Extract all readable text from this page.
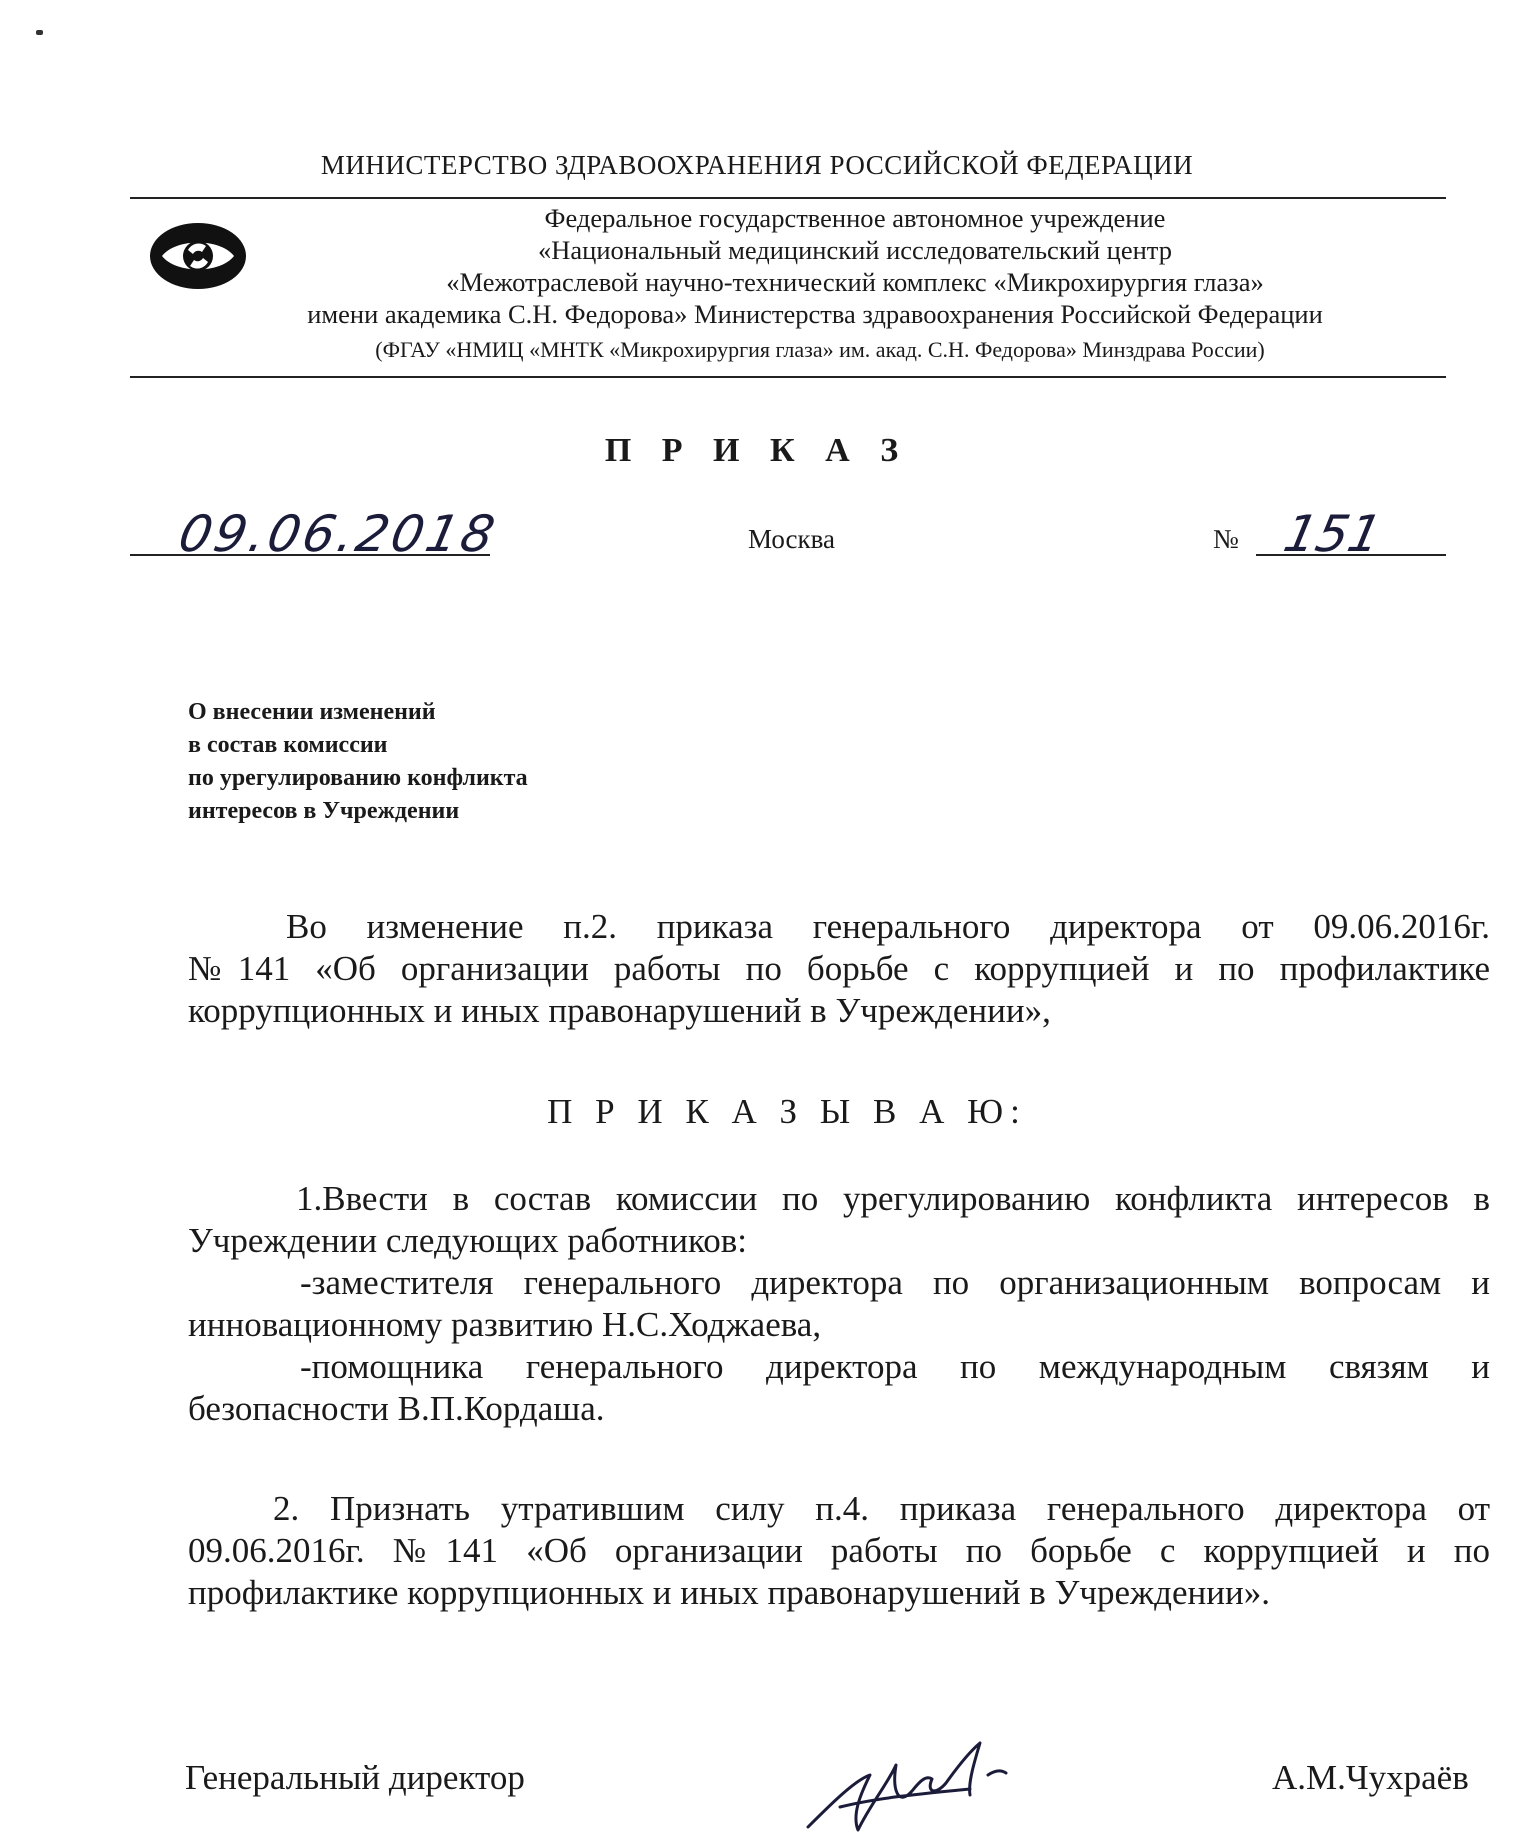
МИНИСТЕРСТВО ЗДРАВООХРАНЕНИЯ РОССИЙСКОЙ ФЕДЕРАЦИИ
Федеральное государственное автономное учреждение
«Национальный медицинский исследовательский центр
«Межотраслевой научно-технический комплекс «Микрохирургия глаза»
имени академика С.Н. Федорова» Министерства здравоохранения Российской Федерации
(ФГАУ «НМИЦ «МНТК «Микрохирургия глаза» им. акад. С.Н. Федорова» Минздрава России)
П Р И К А З
09.06.2018	Москва	№ 151
О внесении изменений
в состав комиссии
по урегулированию конфликта
интересов в Учреждении
Во изменение п.2. приказа генерального директора от 09.06.2016г.
№141 «Об организации работы по борьбе с коррупцией и по профилактике
коррупционных и иных правонарушений в Учреждении»,
П Р И К А З Ы В А Ю:
1.Ввести в состав комиссии по урегулированию конфликта интересов в
Учреждении следующих работников:
-заместителя генерального директора по организационным вопросам и
инновационному развитию Н.С.Ходжаева,
-помощника генерального директора по международным связям и
безопасности В.П.Кордаша.
2. Признать утратившим силу п.4. приказа генерального директора от
09.06.2016г. №141 «Об организации работы по борьбе с коррупцией и по
профилактике коррупционных и иных правонарушений в Учреждении».
Генеральный директор	А.М.Чухраёв
